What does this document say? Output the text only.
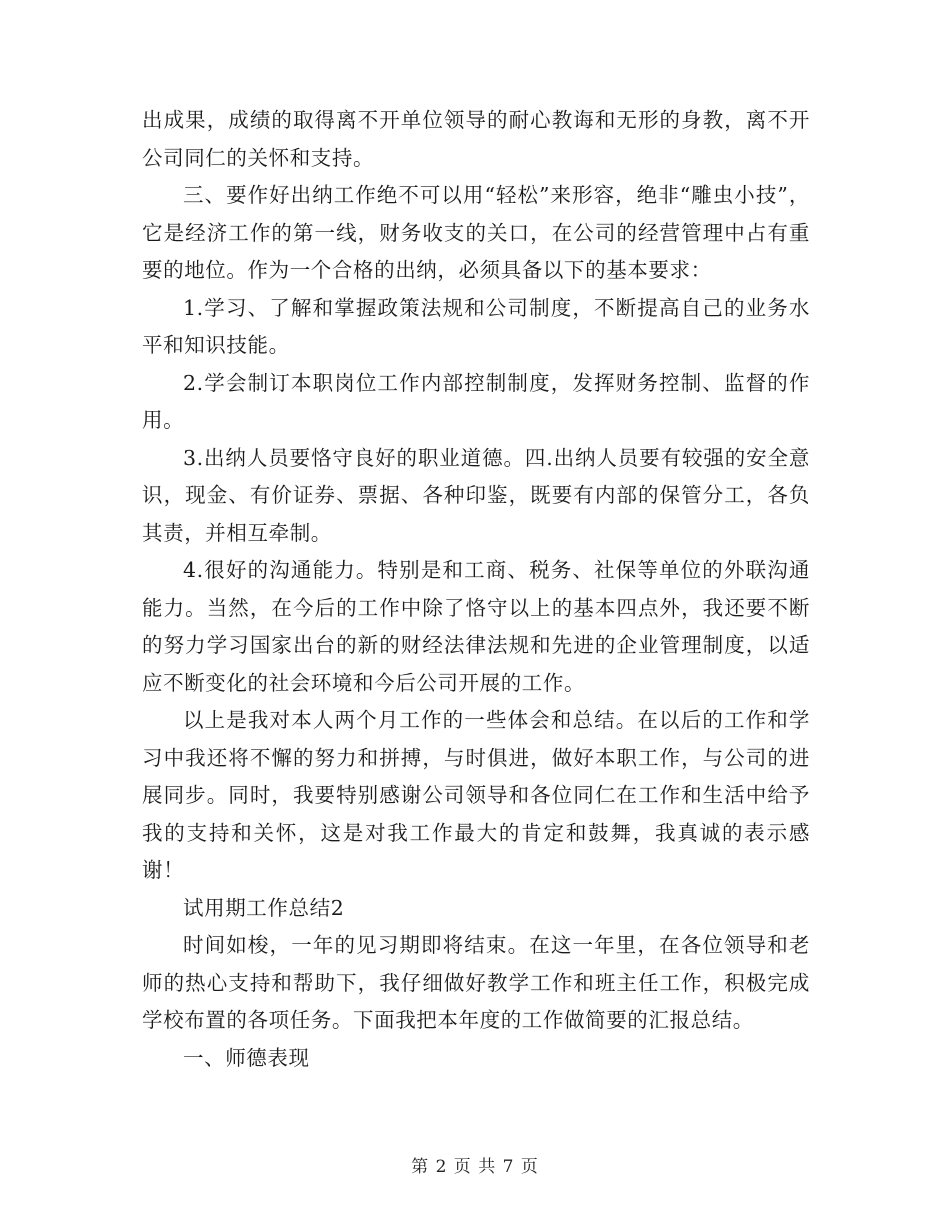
出成果，成绩的取得离不开单位领导的耐心教诲和无形的身教，离不开公司同仁的关怀和支持。

三、要作好出纳工作绝不可以用“轻松”来形容，绝非“雕虫小技”，它是经济工作的第一线，财务收支的关口，在公司的经营管理中占有重要的地位。作为一个合格的出纳，必须具备以下的基本要求：

1.学习、了解和掌握政策法规和公司制度，不断提高自己的业务水平和知识技能。

2.学会制订本职岗位工作内部控制制度，发挥财务控制、监督的作用。

3.出纳人员要恪守良好的职业道德。四.出纳人员要有较强的安全意识，现金、有价证券、票据、各种印鉴，既要有内部的保管分工，各负其责，并相互牵制。

4.很好的沟通能力。特别是和工商、税务、社保等单位的外联沟通能力。当然，在今后的工作中除了恪守以上的基本四点外，我还要不断的努力学习国家出台的新的财经法律法规和先进的企业管理制度，以适应不断变化的社会环境和今后公司开展的工作。

以上是我对本人两个月工作的一些体会和总结。在以后的工作和学习中我还将不懈的努力和拼搏，与时俱进，做好本职工作，与公司的进展同步。同时，我要特别感谢公司领导和各位同仁在工作和生活中给予我的支持和关怀，这是对我工作最大的肯定和鼓舞，我真诚的表示感谢！

试用期工作总结2

时间如梭，一年的见习期即将结束。在这一年里，在各位领导和老师的热心支持和帮助下，我仔细做好教学工作和班主任工作，积极完成学校布置的各项任务。下面我把本年度的工作做简要的汇报总结。

一、师德表现

第 2 页 共 7 页
